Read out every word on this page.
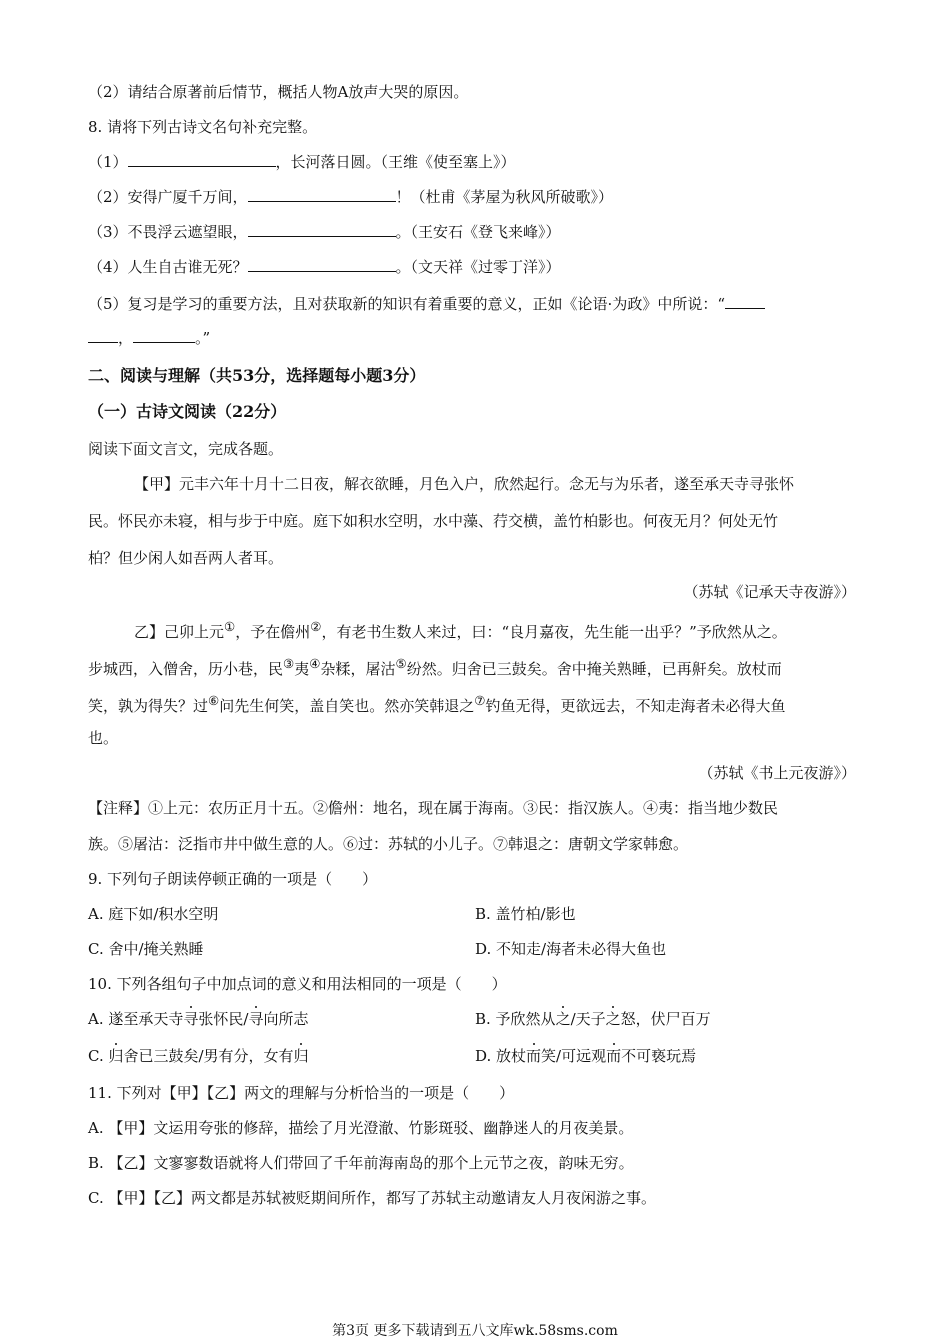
（2）请结合原著前后情节，概括人物A放声大哭的原因。
8. 请将下列古诗文名句补充完整。
（1）	，长河落日圆。（王维《使至塞上》）
（2）安得广厦千万间，	！（杜甫《茅屋为秋风所破歌》）
（3）不畏浮云遮望眼，	。（王安石《登飞来峰》）
（4）人生自古谁无死？	。（文天祥《过零丁洋》）
（5）复习是学习的重要方法，且对获取新的知识有着重要的意义，正如《论语·为政》中所说：“
，	。”
二、阅读与理解（共53分，选择题每小题3分）
（一）古诗文阅读（22分）
阅读下面文言文，完成各题。
【甲】元丰六年十月十二日夜，解衣欲睡，月色入户，欣然起行。念无与为乐者，遂至承天寺寻张怀
民。怀民亦未寝，相与步于中庭。庭下如积水空明，水中藻、荇交横，盖竹柏影也。何夜无月？何处无竹
柏？但少闲人如吾两人者耳。
（苏轼《记承天寺夜游》）
乙】己卯上元①，予在儋州②，有老书生数人来过，曰：“良月嘉夜，先生能一出乎？”予欣然从之。
步城西，入僧舍，历小巷，民③夷④杂糅，屠沽⑤纷然。归舍已三鼓矣。舍中掩关熟睡，已再鼾矣。放杖而
笑，孰为得失？过⑥问先生何笑，盖自笑也。然亦笑韩退之⑦钓鱼无得，更欲远去，不知走海者未必得大鱼
也。
（苏轼《书上元夜游》）
【注释】①上元：农历正月十五。②儋州：地名，现在属于海南。③民：指汉族人。④夷：指当地少数民
族。⑤屠沽：泛指市井中做生意的人。⑥过：苏轼的小儿子。⑦韩退之：唐朝文学家韩愈。
9. 下列句子朗读停顿正确的一项是（　　）
A. 庭下如/积水空明	B. 盖竹柏/影也
C. 舍中/掩关熟睡	D. 不知走/海者未必得大鱼也
10. 下列各组句子中加点词的意义和用法相同的一项是（　　）
A. 遂至承天寺寻张怀民/寻向所志	B. 予欣然从之/天子之怒，伏尸百万
C. 归舍已三鼓矣/男有分，女有归	D. 放杖而笑/可远观而不可亵玩焉
11. 下列对【甲】【乙】两文的理解与分析恰当的一项是（　　）
A. 【甲】文运用夸张的修辞，描绘了月光澄澈、竹影斑驳、幽静迷人的月夜美景。
B. 【乙】文寥寥数语就将人们带回了千年前海南岛的那个上元节之夜，韵味无穷。
C. 【甲】【乙】两文都是苏轼被贬期间所作，都写了苏轼主动邀请友人月夜闲游之事。
第3页 更多下载请到五八文库wk.58sms.com
